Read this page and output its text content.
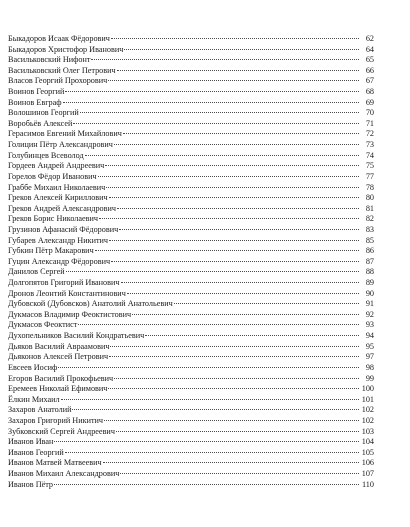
Быкадоров Исаак Фёдорович	62
Быкадоров Христофор Иванович	64
Васильковский Нифонт	65
Васильковский Олег Петрович	66
Власов Георгий Прохорович	67
Воинов Георгий	68
Воинов Евграф	69
Волошинов Георгий	70
Воробьёв Алексей	71
Герасимов Евгений Михайлович	72
Голицин Пётр Александрович	73
Голубинцев Всеволод	74
Гордеев Андрей Андреевич	75
Горелов Фёдор Иванович	77
Граббе Михаил Николаевич	78
Греков Алексей Кириллович	80
Греков Андрей Александрович	81
Греков Борис Николаевич	82
Грузинов Афанасий Фёдорович	83
Губарев Александр Никитич	85
Губкин Пётр Макарович	86
Гуцин Александр Фёдорович	87
Данилов Сергей	88
Долгопятов Григорий Иванович	89
Дронов Леонтий Константинович	90
Дубовской (Дубовсков) Анатолий Анатольевич	91
Дукмасов Владимир Феоктистович	92
Дукмасов Феоктист	93
Духопельников Василий Кондратьевич	94
Дьяков Василий Авраамович	95
Дьяконов Алексей Петрович	97
Евсеев Иосиф	98
Егоров Василий Прокофьевич	99
Еремеев Николай Ефимович	100
Ёлкин Михаил	101
Захаров Анатолий	102
Захаров Григорий Никитич	102
Зубковский Сергей Андреевич	103
Иванов Иван	104
Иванов Георгий	105
Иванов Матвей Матвеевич	106
Иванов Михаил Александрович	107
Иванов Пётр	110
